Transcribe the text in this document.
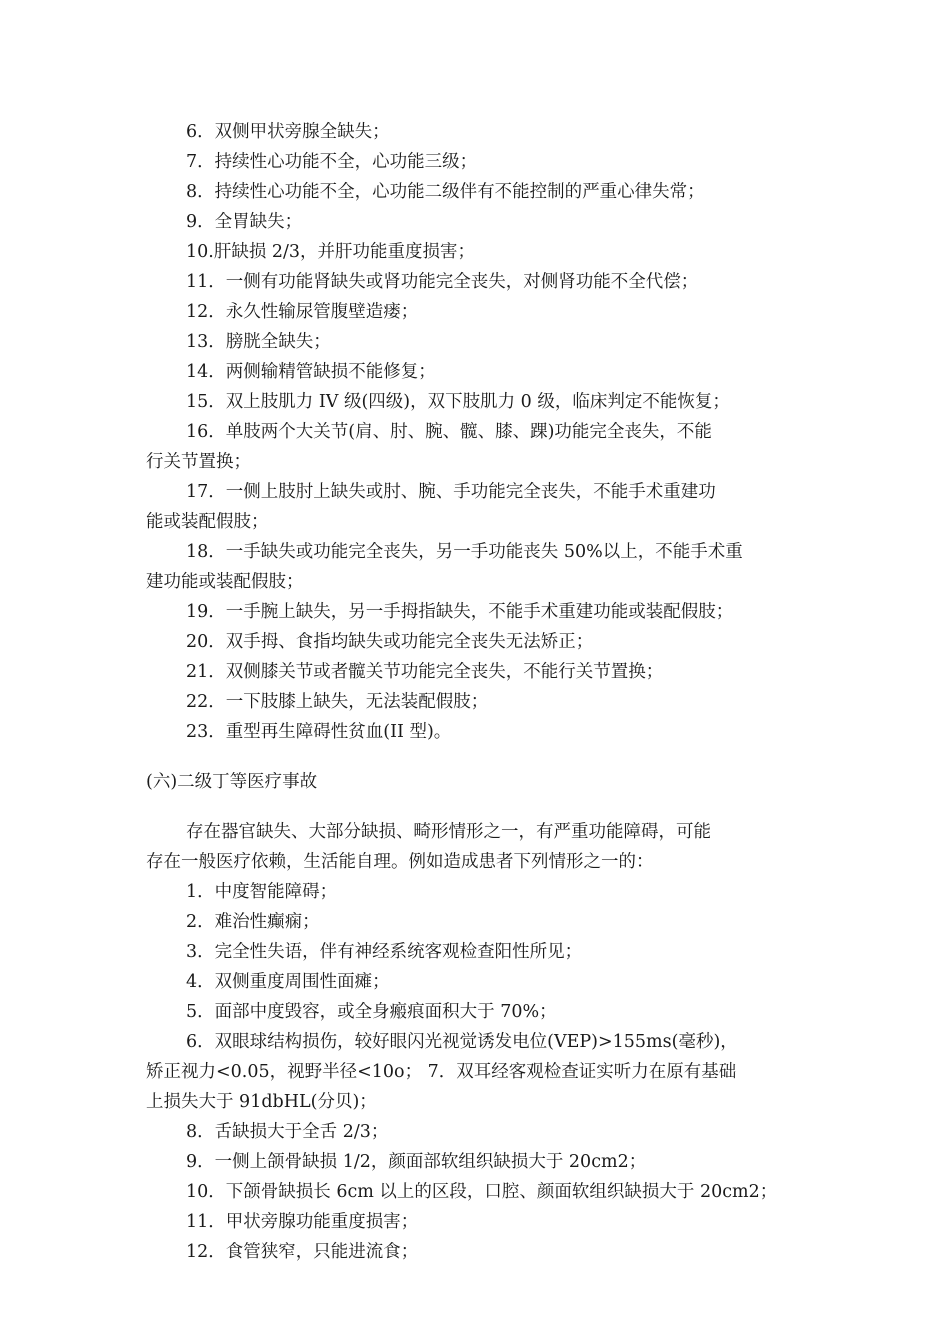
6．双侧甲状旁腺全缺失；
7．持续性心功能不全，心功能三级；
8．持续性心功能不全，心功能二级伴有不能控制的严重心律失常；
9．全胃缺失；
10.肝缺损 2/3，并肝功能重度损害；
11．一侧有功能肾缺失或肾功能完全丧失，对侧肾功能不全代偿；
12．永久性输尿管腹壁造瘘；
13．膀胱全缺失；
14．两侧输精管缺损不能修复；
15．双上肢肌力 IV 级(四级)，双下肢肌力 0 级，临床判定不能恢复；
16．单肢两个大关节(肩、肘、腕、髋、膝、踝)功能完全丧失，不能
行关节置换；
17．一侧上肢肘上缺失或肘、腕、手功能完全丧失，不能手术重建功
能或装配假肢；
18．一手缺失或功能完全丧失，另一手功能丧失 50%以上，不能手术重
建功能或装配假肢；
19．一手腕上缺失，另一手拇指缺失，不能手术重建功能或装配假肢；
20．双手拇、食指均缺失或功能完全丧失无法矫正；
21．双侧膝关节或者髋关节功能完全丧失，不能行关节置换；
22．一下肢膝上缺失，无法装配假肢；
23．重型再生障碍性贫血(II 型)。
(六)二级丁等医疗事故
存在器官缺失、大部分缺损、畸形情形之一，有严重功能障碍，可能
存在一般医疗依赖，生活能自理。例如造成患者下列情形之一的：
1．中度智能障碍；
2．难治性癫痫；
3．完全性失语，伴有神经系统客观检查阳性所见；
4．双侧重度周围性面瘫；
5．面部中度毁容，或全身瘢痕面积大于 70%；
6．双眼球结构损伤，较好眼闪光视觉诱发电位(VEP)>155ms(毫秒)，
矫正视力<0.05，视野半径<10o； 7．双耳经客观检查证实听力在原有基础
上损失大于 91dbHL(分贝)；
8．舌缺损大于全舌 2/3；
9．一侧上颌骨缺损 1/2，颜面部软组织缺损大于 20cm2；
10．下颌骨缺损长 6cm 以上的区段，口腔、颜面软组织缺损大于 20cm2；
11．甲状旁腺功能重度损害；
12．食管狭窄，只能进流食；
